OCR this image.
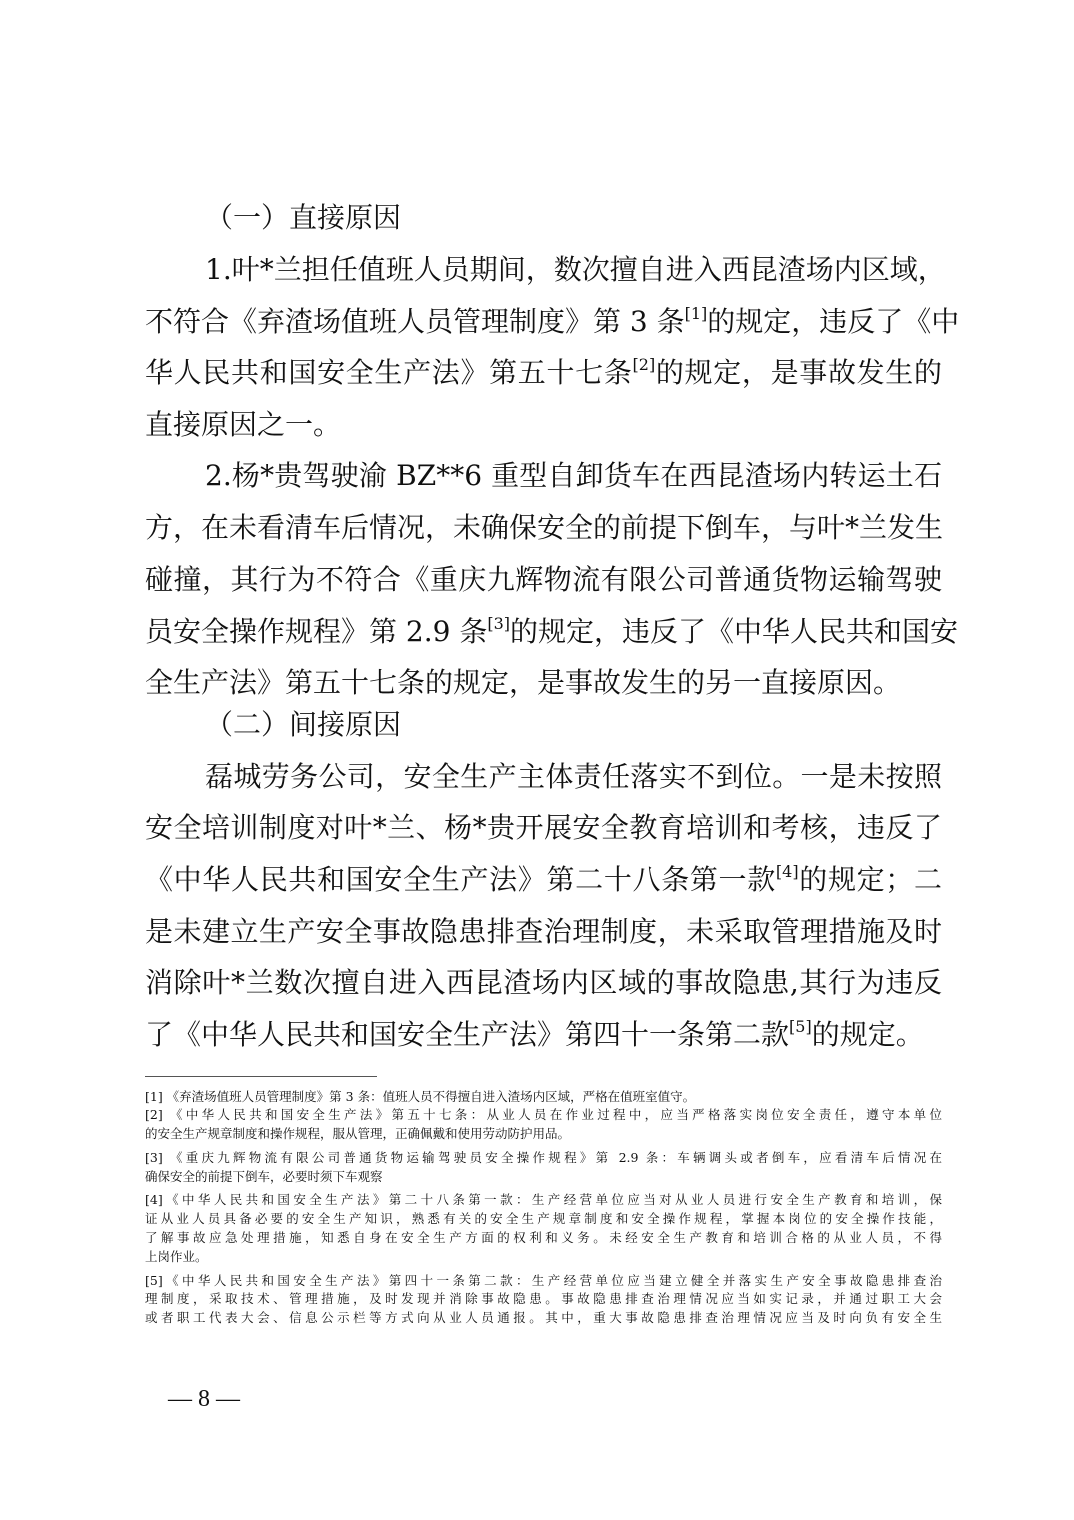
（一）直接原因
1.叶*兰担任值班人员期间，数次擅自进入西昆渣场内区域，
不符合《弃渣场值班人员管理制度》第 3 条[1]的规定，违反了《中
华人民共和国安全生产法》第五十七条[2]的规定，是事故发生的
直接原因之一。
2.杨*贵驾驶渝 BZ**6 重型自卸货车在西昆渣场内转运土石
方，在未看清车后情况，未确保安全的前提下倒车，与叶*兰发生
碰撞，其行为不符合《重庆九辉物流有限公司普通货物运输驾驶
员安全操作规程》第 2.9 条[3]的规定，违反了《中华人民共和国安
全生产法》第五十七条的规定，是事故发生的另一直接原因。
（二）间接原因
磊城劳务公司，安全生产主体责任落实不到位。一是未按照
安全培训制度对叶*兰、杨*贵开展安全教育培训和考核，违反了
《中华人民共和国安全生产法》第二十八条第一款[4]的规定；二
是未建立生产安全事故隐患排查治理制度，未采取管理措施及时
消除叶*兰数次擅自进入西昆渣场内区域的事故隐患,其行为违反
了《中华人民共和国安全生产法》第四十一条第二款[5]的规定。
[1] 《弃渣场值班人员管理制度》第 3 条：值班人员不得擅自进入渣场内区域，严格在值班室值守。
[2] 《中华人民共和国安全生产法》第五十七条：从业人员在作业过程中，应当严格落实岗位安全责任，遵守本单位
的安全生产规章制度和操作规程，服从管理，正确佩戴和使用劳动防护用品。
[3] 《重庆九辉物流有限公司普通货物运输驾驶员安全操作规程》第 2.9 条：车辆调头或者倒车，应看清车后情况在
确保安全的前提下倒车，必要时须下车观察
[4]《中华人民共和国安全生产法》第二十八条第一款：生产经营单位应当对从业人员进行安全生产教育和培训，保
证从业人员具备必要的安全生产知识，熟悉有关的安全生产规章制度和安全操作规程，掌握本岗位的安全操作技能，
了解事故应急处理措施，知悉自身在安全生产方面的权利和义务。未经安全生产教育和培训合格的从业人员，不得
上岗作业。
[5]《中华人民共和国安全生产法》第四十一条第二款：生产经营单位应当建立健全并落实生产安全事故隐患排查治
理制度，采取技术、管理措施，及时发现并消除事故隐患。事故隐患排查治理情况应当如实记录，并通过职工大会
或者职工代表大会、信息公示栏等方式向从业人员通报。其中，重大事故隐患排查治理情况应当及时向负有安全生
— 8 —
